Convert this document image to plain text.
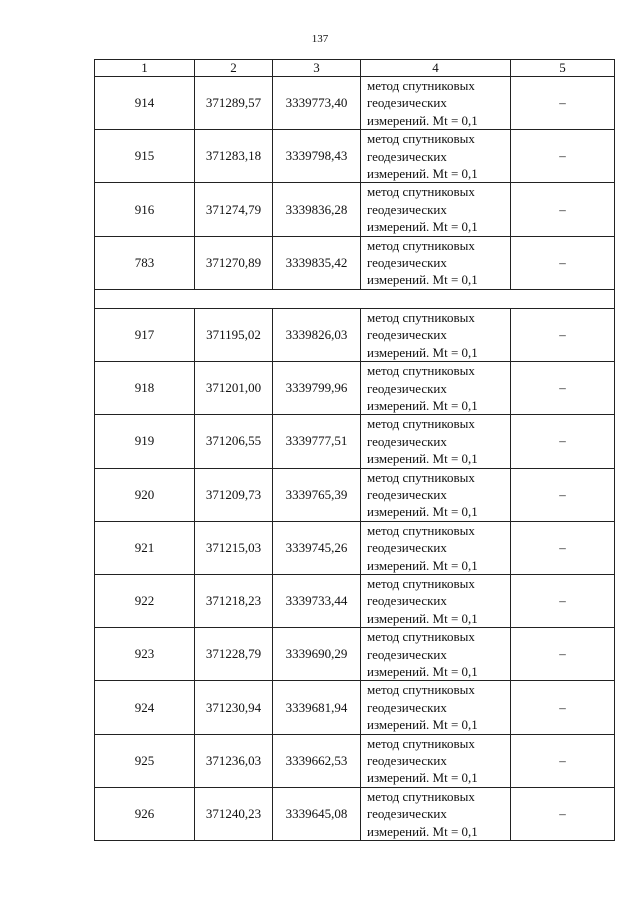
137
1	2	3	4	5
914	371289,57	3339773,40	метод спутниковых
геодезических
измерений. Mt = 0,1	–
915	371283,18	3339798,43	метод спутниковых
геодезических
измерений. Mt = 0,1	–
916	371274,79	3339836,28	метод спутниковых
геодезических
измерений. Mt = 0,1	–
783	371270,89	3339835,42	метод спутниковых
геодезических
измерений. Mt = 0,1	–

917	371195,02	3339826,03	метод спутниковых
геодезических
измерений. Mt = 0,1	–
918	371201,00	3339799,96	метод спутниковых
геодезических
измерений. Mt = 0,1	–
919	371206,55	3339777,51	метод спутниковых
геодезических
измерений. Mt = 0,1	–
920	371209,73	3339765,39	метод спутниковых
геодезических
измерений. Mt = 0,1	–
921	371215,03	3339745,26	метод спутниковых
геодезических
измерений. Mt = 0,1	–
922	371218,23	3339733,44	метод спутниковых
геодезических
измерений. Mt = 0,1	–
923	371228,79	3339690,29	метод спутниковых
геодезических
измерений. Mt = 0,1	–
924	371230,94	3339681,94	метод спутниковых
геодезических
измерений. Mt = 0,1	–
925	371236,03	3339662,53	метод спутниковых
геодезических
измерений. Mt = 0,1	–
926	371240,23	3339645,08	метод спутниковых
геодезических
измерений. Mt = 0,1	–
